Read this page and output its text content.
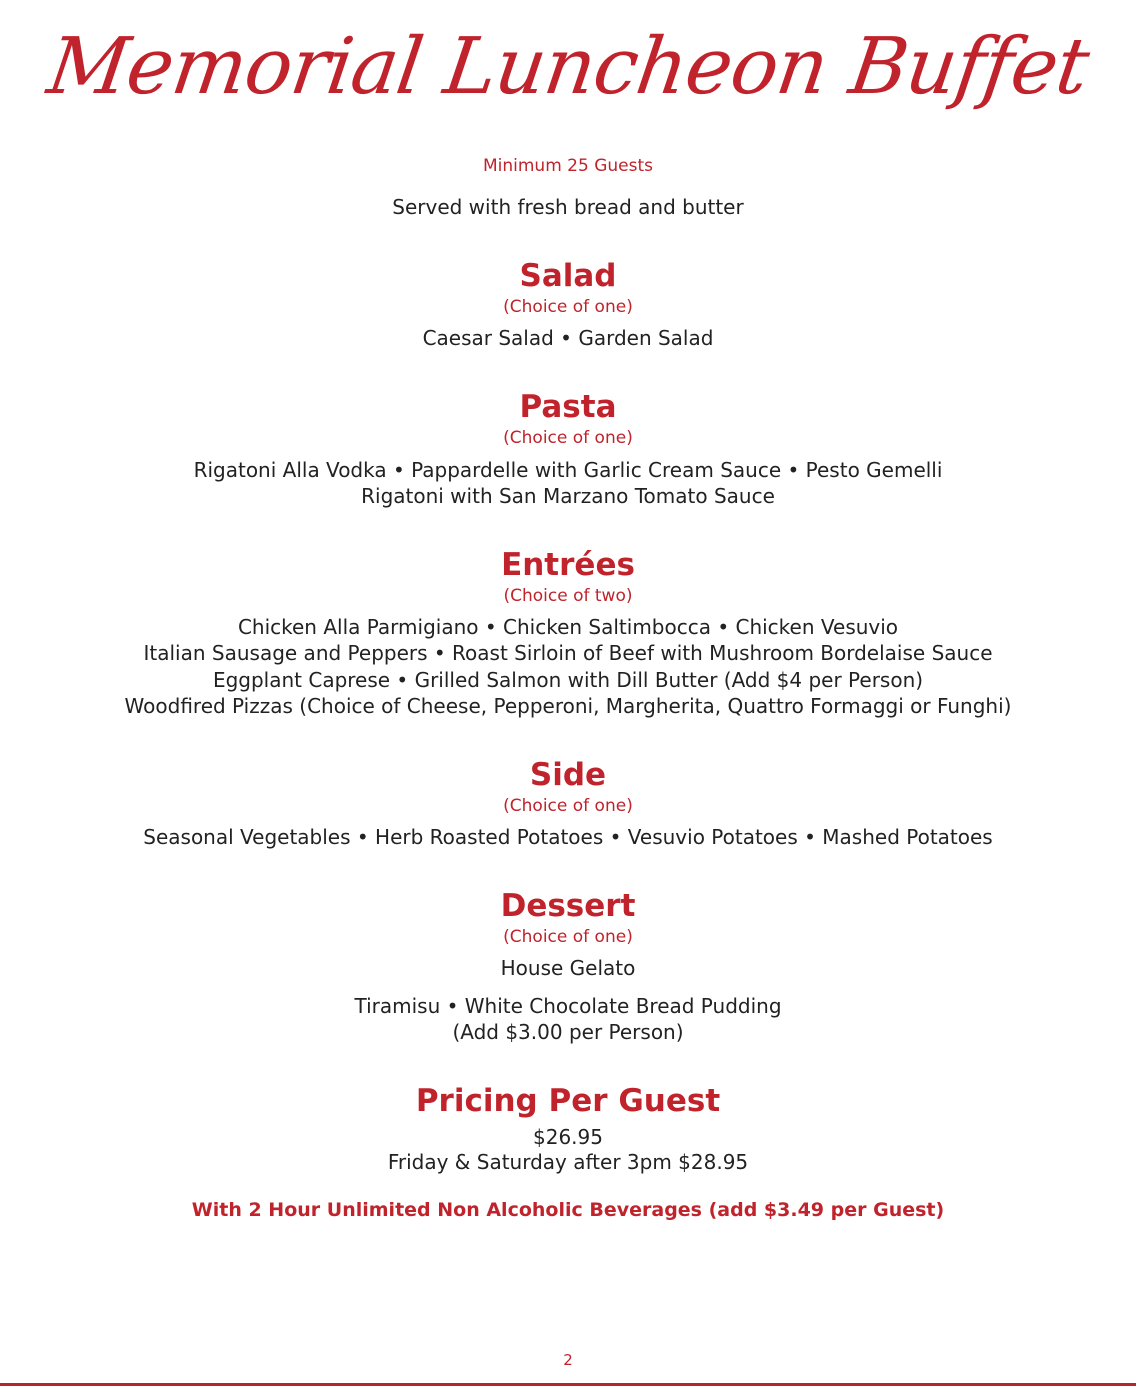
Memorial Luncheon Buffet
Minimum 25 Guests
Served with fresh bread and butter
Salad
(Choice of one)
Caesar Salad • Garden Salad
Pasta
(Choice of one)
Rigatoni Alla Vodka • Pappardelle with Garlic Cream Sauce • Pesto Gemelli
Rigatoni with San Marzano Tomato Sauce
Entrées
(Choice of two)
Chicken Alla Parmigiano • Chicken Saltimbocca • Chicken Vesuvio
Italian Sausage and Peppers • Roast Sirloin of Beef with Mushroom Bordelaise Sauce
Eggplant Caprese • Grilled Salmon with Dill Butter (Add $4 per Person)
Woodfired Pizzas (Choice of Cheese, Pepperoni, Margherita, Quattro Formaggi or Funghi)
Side
(Choice of one)
Seasonal Vegetables • Herb Roasted Potatoes • Vesuvio Potatoes • Mashed Potatoes
Dessert
(Choice of one)
House Gelato
Tiramisu • White Chocolate Bread Pudding
(Add $3.00 per Person)
Pricing Per Guest
$26.95
Friday & Saturday after 3pm $28.95
With 2 Hour Unlimited Non Alcoholic Beverages (add $3.49 per Guest)
2
